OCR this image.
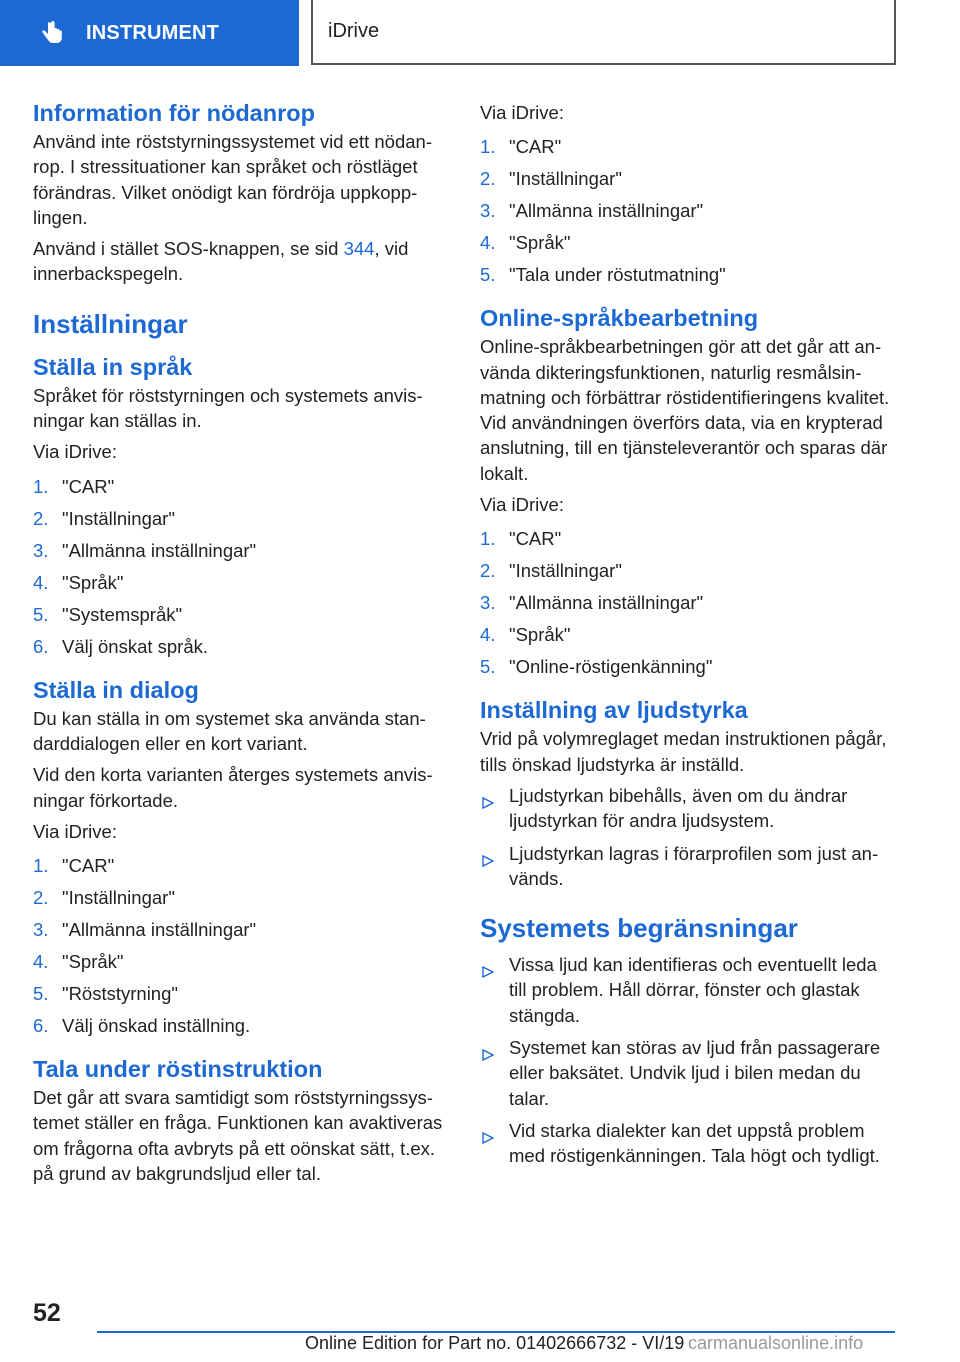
INSTRUMENT	iDrive
Information för nödanrop

Använd inte röststyrningssystemet vid ett nödanrop. I stressituationer kan språket och röstläget förändras. Vilket onödigt kan fördröja uppkopplingen.

Använd i stället SOS-knappen, se sid 344, vid innerbackspegeln.

Inställningar
Ställa in språk

Språket för röststyrningen och systemets anvisningar kan ställas in.

Via iDrive:

1. "CAR"
2. "Inställningar"
3. "Allmänna inställningar"
4. "Språk"
5. "Systemspråk"
6. Välj önskat språk.
Ställa in dialog

Du kan ställa in om systemet ska använda standarddialogen eller en kort variant.

Vid den korta varianten återges systemets anvisningar förkortade.

Via iDrive:

1. "CAR"
2. "Inställningar"
3. "Allmänna inställningar"
4. "Språk"
5. "Röststyrning"
6. Välj önskad inställning.
Tala under röstinstruktion

Det går att svara samtidigt som röststyrningssystemet ställer en fråga. Funktionen kan avaktiveras om frågorna ofta avbryts på ett oönskat sätt, t.ex. på grund av bakgrundsljud eller tal.

Via iDrive:

1. "CAR"
2. "Inställningar"
3. "Allmänna inställningar"
4. "Språk"
5. "Tala under röstutmatning"
Online-språkbearbetning

Online-språkbearbetningen gör att det går att använda dikteringsfunktionen, naturlig resmålsinmatning och förbättrar röstidentifieringens kvalitet. Vid användningen överförs data, via en krypterad anslutning, till en tjänsteleverantör och sparas där lokalt.

Via iDrive:

1. "CAR"
2. "Inställningar"
3. "Allmänna inställningar"
4. "Språk"
5. "Online-röstigenkänning"
Inställning av ljudstyrka

Vrid på volymreglaget medan instruktionen pågår, tills önskad ljudstyrka är inställd.

Ljudstyrkan bibehålls, även om du ändrar ljudstyrkan för andra ljudsystem.
Ljudstyrkan lagras i förarprofilen som just används.
Systemets begränsningar
Vissa ljud kan identifieras och eventuellt leda till problem. Håll dörrar, fönster och glastak stängda.
Systemet kan störas av ljud från passagerare eller baksätet. Undvik ljud i bilen medan du talar.
Vid starka dialekter kan det uppstå problem med röstigenkänningen. Tala högt och tydligt.
52
Online Edition for Part no. 01402666732 - VI/19 carmanualsonline.info
